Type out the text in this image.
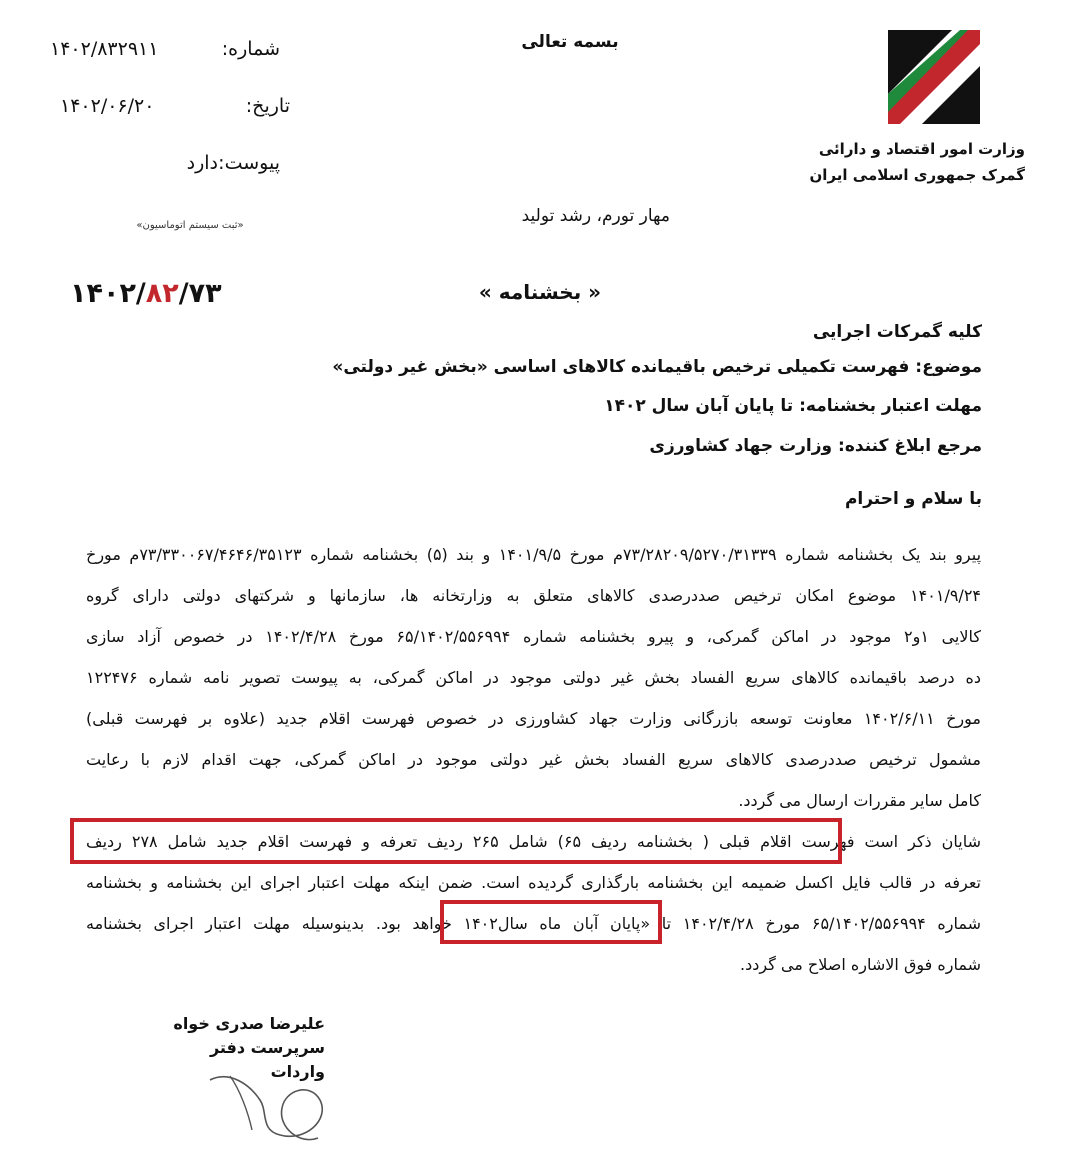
بسمه تعالی
وزارت امور اقتصاد و دارائی
گمرک جمهوری اسلامی ایران
شماره:
۱۴۰۲/۸۳۲۹۱۱
تاریخ:
۱۴۰۲/۰۶/۲۰
پیوست:
دارد
«ثبت سیستم اتوماسیون»	مهار تورم، رشد تولید
۱۴۰۲/۸۲/۷۳	« بخشنامه »
کلیه گمرکات اجرایی
موضوع: فهرست تکمیلی ترخیص باقیمانده کالاهای اساسی «بخش غیر دولتی»
مهلت اعتبار بخشنامه: تا پایان آبان سال ۱۴۰۲
مرجع ابلاغ کننده: وزارت جهاد کشاورزی
با سلام و احترام
پیرو بند یک بخشنامه شماره ۷۳/۲۸۲۰۹/۵۲۷۰/۳۱۳۳۹م مورخ ۱۴۰۱/۹/۵ و بند (۵) بخشنامه شماره ۷۳/۳۳۰۰۶۷/۴۶۴۶/۳۵۱۲۳م مورخ
۱۴۰۱/۹/۲۴ موضوع امکان ترخیص صددرصدی کالاهای متعلق به وزارتخانه ها، سازمانها و شرکتهای دولتی دارای گروه
کالایی ۱و۲ موجود در اماکن گمرکی، و پیرو بخشنامه شماره ۶۵/۱۴۰۲/۵۵۶۹۹۴ مورخ ۱۴۰۲/۴/۲۸ در خصوص آزاد سازی
ده درصد باقیمانده کالاهای سریع الفساد بخش غیر دولتی موجود در اماکن گمرکی، به پیوست تصویر نامه شماره ۱۲۲۴۷۶
مورخ ۱۴۰۲/۶/۱۱ معاونت توسعه بازرگانی وزارت جهاد کشاورزی در خصوص فهرست اقلام جدید (علاوه بر فهرست قبلی)
مشمول ترخیص صددرصدی کالاهای سریع الفساد بخش غیر دولتی موجود در اماکن گمرکی، جهت اقدام لازم با رعایت
کامل سایر مقررات ارسال می گردد.
شایان ذکر است فهرست اقلام قبلی ( بخشنامه ردیف ۶۵) شامل ۲۶۵ ردیف تعرفه و فهرست اقلام جدید شامل ۲۷۸ ردیف
تعرفه در قالب فایل اکسل ضمیمه این بخشنامه بارگذاری گردیده است. ضمن اینکه مهلت اعتبار اجرای این بخشنامه و بخشنامه
شماره ۶۵/۱۴۰۲/۵۵۶۹۹۴ مورخ ۱۴۰۲/۴/۲۸ تا «پایان آبان ماه سال۱۴۰۲ خواهد بود. بدینوسیله مهلت اعتبار اجرای بخشنامه
شماره فوق الاشاره اصلاح می گردد.
علیرضا صدری خواه
سرپرست دفتر واردات
